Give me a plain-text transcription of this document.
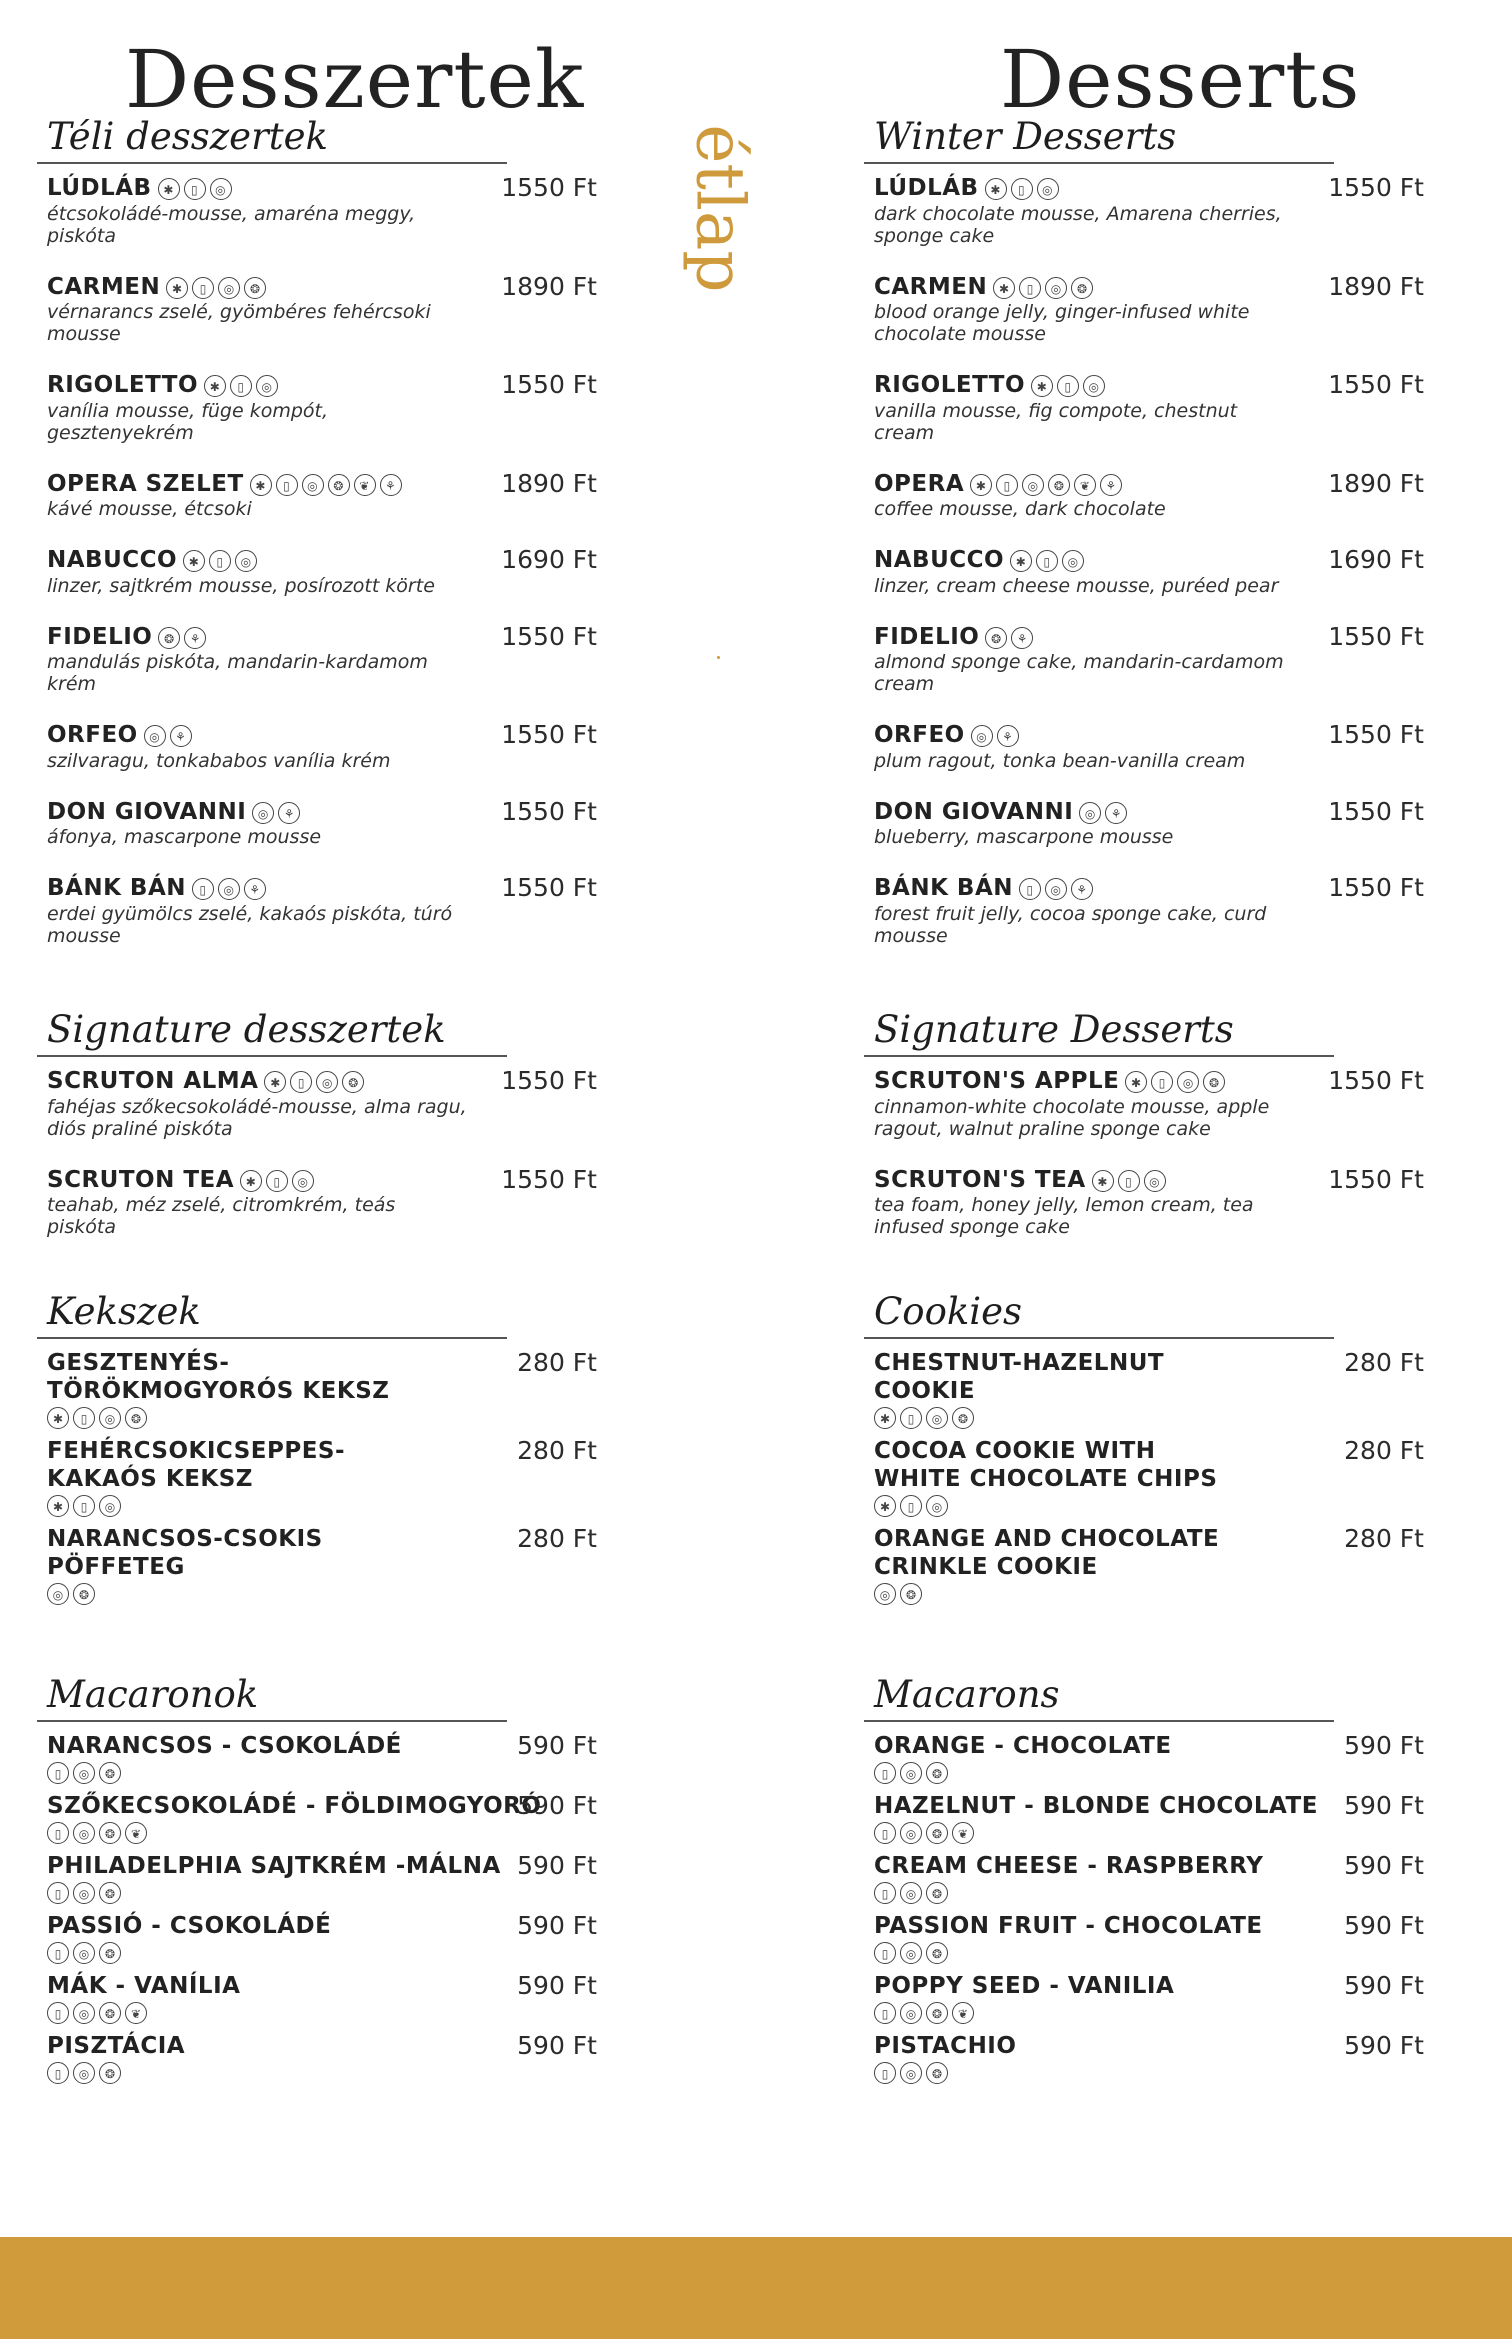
Desszertek	Desserts
étlap
Téli desszertek
LÚDLÁB ✱ ▯ ◎	1550 Ft
étcsokoládé-mousse, amaréna meggy, piskóta
CARMEN ✱ ▯ ◎ ❂	1890 Ft
vérnarancs zselé, gyömbéres fehércsoki mousse
RIGOLETTO ✱ ▯ ◎	1550 Ft
vanília mousse, füge kompót, gesztenyekrém
OPERA SZELET ✱ ▯ ◎ ❂ ❦ ⚘	1890 Ft
kávé mousse, étcsoki
NABUCCO ✱ ▯ ◎	1690 Ft
linzer, sajtkrém mousse, posírozott körte
FIDELIO ❂ ⚘	1550 Ft
mandulás piskóta, mandarin-kardamom krém
ORFEO ◎ ⚘	1550 Ft
szilvaragu, tonkababos vanília krém
DON GIOVANNI ◎ ⚘	1550 Ft
áfonya, mascarpone mousse
BÁNK BÁN ▯ ◎ ⚘	1550 Ft
erdei gyümölcs zselé, kakaós piskóta, túró mousse
Signature desszertek
SCRUTON ALMA ✱ ▯ ◎ ❂	1550 Ft
fahéjas szőkecsokoládé-mousse, alma ragu, diós praliné piskóta
SCRUTON TEA ✱ ▯ ◎	1550 Ft
teahab, méz zselé, citromkrém, teás piskóta
Kekszek
GESZTENYÉS-
TÖRÖKMOGYORÓS KEKSZ
✱ ▯ ◎ ❂
280 Ft
FEHÉRCSOKICSEPPES-
KAKAÓS KEKSZ
✱ ▯ ◎
280 Ft
NARANCSOS-CSOKIS
PÖFFETEG
◎ ❂
280 Ft
Macaronok
NARANCSOS - CSOKOLÁDÉ
▯ ◎ ❂
590 Ft
SZŐKECSOKOLÁDÉ - FÖLDIMOGYORÓ
▯ ◎ ❂ ❦
590 Ft
PHILADELPHIA SAJTKRÉM -MÁLNA
▯ ◎ ❂
590 Ft
PASSIÓ - CSOKOLÁDÉ
▯ ◎ ❂
590 Ft
MÁK - VANÍLIA
▯ ◎ ❂ ❦
590 Ft
PISZTÁCIA
▯ ◎ ❂
590 Ft
Winter Desserts
LÚDLÁB ✱ ▯ ◎	1550 Ft
dark chocolate mousse, Amarena cherries, sponge cake
CARMEN ✱ ▯ ◎ ❂	1890 Ft
blood orange jelly, ginger-infused white chocolate mousse
RIGOLETTO ✱ ▯ ◎	1550 Ft
vanilla mousse, fig compote, chestnut cream
OPERA ✱ ▯ ◎ ❂ ❦ ⚘	1890 Ft
coffee mousse, dark chocolate
NABUCCO ✱ ▯ ◎	1690 Ft
linzer, cream cheese mousse, puréed pear
FIDELIO ❂ ⚘	1550 Ft
almond sponge cake, mandarin-cardamom cream
ORFEO ◎ ⚘	1550 Ft
plum ragout, tonka bean-vanilla cream
DON GIOVANNI ◎ ⚘	1550 Ft
blueberry, mascarpone mousse
BÁNK BÁN ▯ ◎ ⚘	1550 Ft
forest fruit jelly, cocoa sponge cake, curd mousse
Signature Desserts
SCRUTON'S APPLE ✱ ▯ ◎ ❂	1550 Ft
cinnamon-white chocolate mousse, apple ragout, walnut praline sponge cake
SCRUTON'S TEA ✱ ▯ ◎	1550 Ft
tea foam, honey jelly, lemon cream, tea infused sponge cake
Cookies
CHESTNUT-HAZELNUT
COOKIE
✱ ▯ ◎ ❂
280 Ft
COCOA COOKIE WITH
WHITE CHOCOLATE CHIPS
✱ ▯ ◎
280 Ft
ORANGE AND CHOCOLATE
CRINKLE COOKIE
◎ ❂
280 Ft
Macarons
ORANGE - CHOCOLATE
▯ ◎ ❂
590 Ft
HAZELNUT - BLONDE CHOCOLATE
▯ ◎ ❂ ❦
590 Ft
CREAM CHEESE - RASPBERRY
▯ ◎ ❂
590 Ft
PASSION FRUIT - CHOCOLATE
▯ ◎ ❂
590 Ft
POPPY SEED - VANILIA
▯ ◎ ❂ ❦
590 Ft
PISTACHIO
▯ ◎ ❂
590 Ft
